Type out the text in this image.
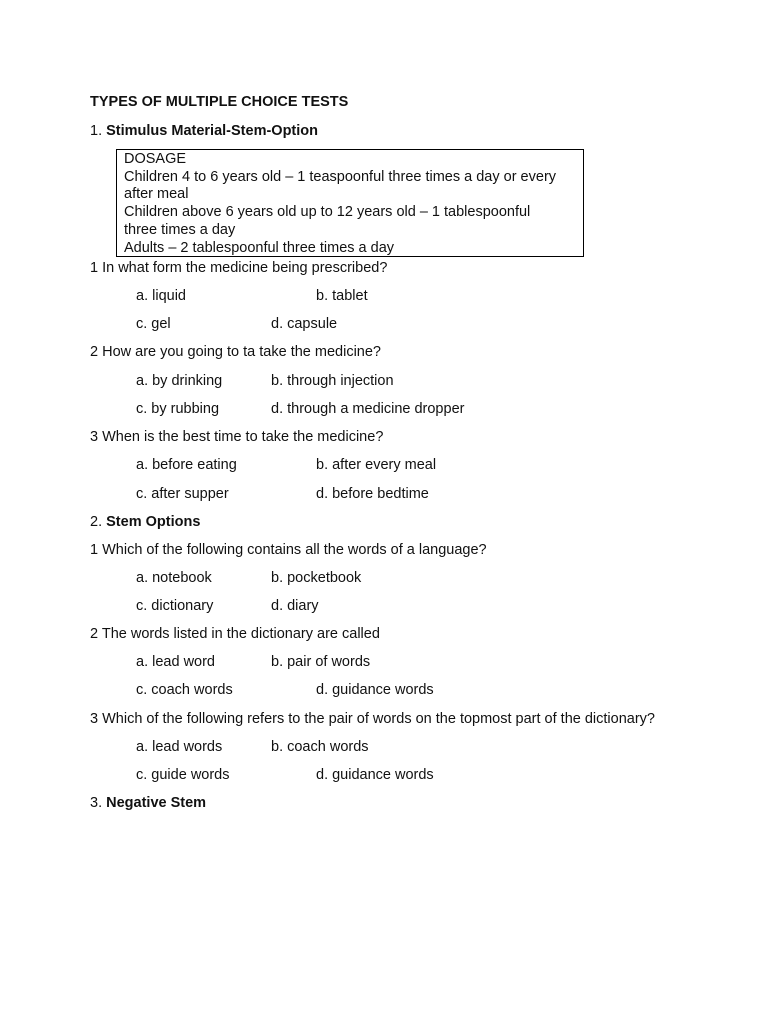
TYPES OF MULTIPLE CHOICE TESTS
1. Stimulus Material-Stem-Option
DOSAGE
Children 4 to 6 years old – 1 teaspoonful three times a day or every
after meal
Children above 6 years old up to 12 years old – 1 tablespoonful
three times a day
Adults – 2 tablespoonful three times a day
1 In what form the medicine being prescribed?
a. liquid	b. tablet
c. gel	d. capsule
2 How are you going to ta take the medicine?
a. by drinking	b. through injection
c. by rubbing	d. through a medicine dropper
3 When is the best time to take the medicine?
a. before eating	b. after every meal
c. after supper	d. before bedtime
2. Stem Options
1 Which of the following contains all the words of a language?
a. notebook	b. pocketbook
c. dictionary	d. diary
2 The words listed in the dictionary are called
a. lead word	b. pair of words
c. coach words	d. guidance words
3 Which of the following refers to the pair of words on the topmost part of the dictionary?
a. lead words	b. coach words
c. guide words	d. guidance words
3. Negative Stem
